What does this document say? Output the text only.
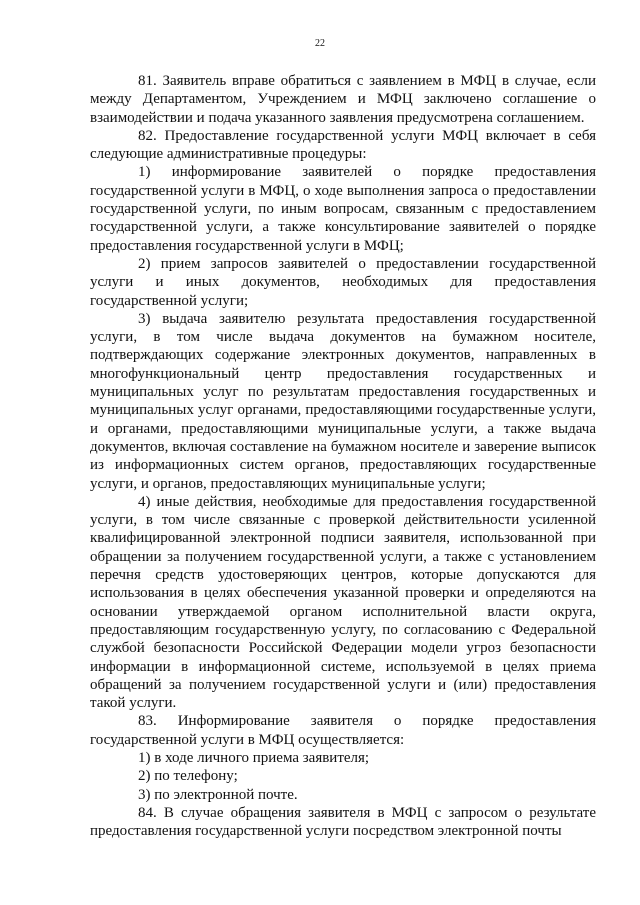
22

81. Заявитель вправе обратиться с заявлением в МФЦ в случае, если между Департаментом, Учреждением и МФЦ заключено соглашение о взаимодействии и подача указанного заявления предусмотрена соглашением.

82. Предоставление государственной услуги МФЦ включает в себя следующие административные процедуры:

1) информирование заявителей о порядке предоставления государственной услуги в МФЦ, о ходе выполнения запроса о предоставлении государственной услуги, по иным вопросам, связанным с предоставлением государственной услуги, а также консультирование заявителей о порядке предоставления государственной услуги в МФЦ;

2) прием запросов заявителей о предоставлении государственной услуги и иных документов, необходимых для предоставления государственной услуги;

3) выдача заявителю результата предоставления государственной услуги, в том числе выдача документов на бумажном носителе, подтверждающих содержание электронных документов, направленных в многофункциональный центр предоставления государственных и муниципальных услуг по результатам предоставления государственных и муниципальных услуг органами, предоставляющими государственные услуги, и органами, предоставляющими муниципальные услуги, а также выдача документов, включая составление на бумажном носителе и заверение выписок из информационных систем органов, предоставляющих государственные услуги, и органов, предоставляющих муниципальные услуги;

4) иные действия, необходимые для предоставления государственной услуги, в том числе связанные с проверкой действительности усиленной квалифицированной электронной подписи заявителя, использованной при обращении за получением государственной услуги, а также с установлением перечня средств удостоверяющих центров, которые допускаются для использования в целях обеспечения указанной проверки и определяются на основании утверждаемой органом исполнительной власти округа, предоставляющим государственную услугу, по согласованию с Федеральной службой безопасности Российской Федерации модели угроз безопасности информации в информационной системе, используемой в целях приема обращений за получением государственной услуги и (или) предоставления такой услуги.

83. Информирование заявителя о порядке предоставления государственной услуги в МФЦ осуществляется:

1) в ходе личного приема заявителя;

2) по телефону;

3) по электронной почте.

84. В случае обращения заявителя в МФЦ с запросом о результате предоставления государственной услуги посредством электронной почты
